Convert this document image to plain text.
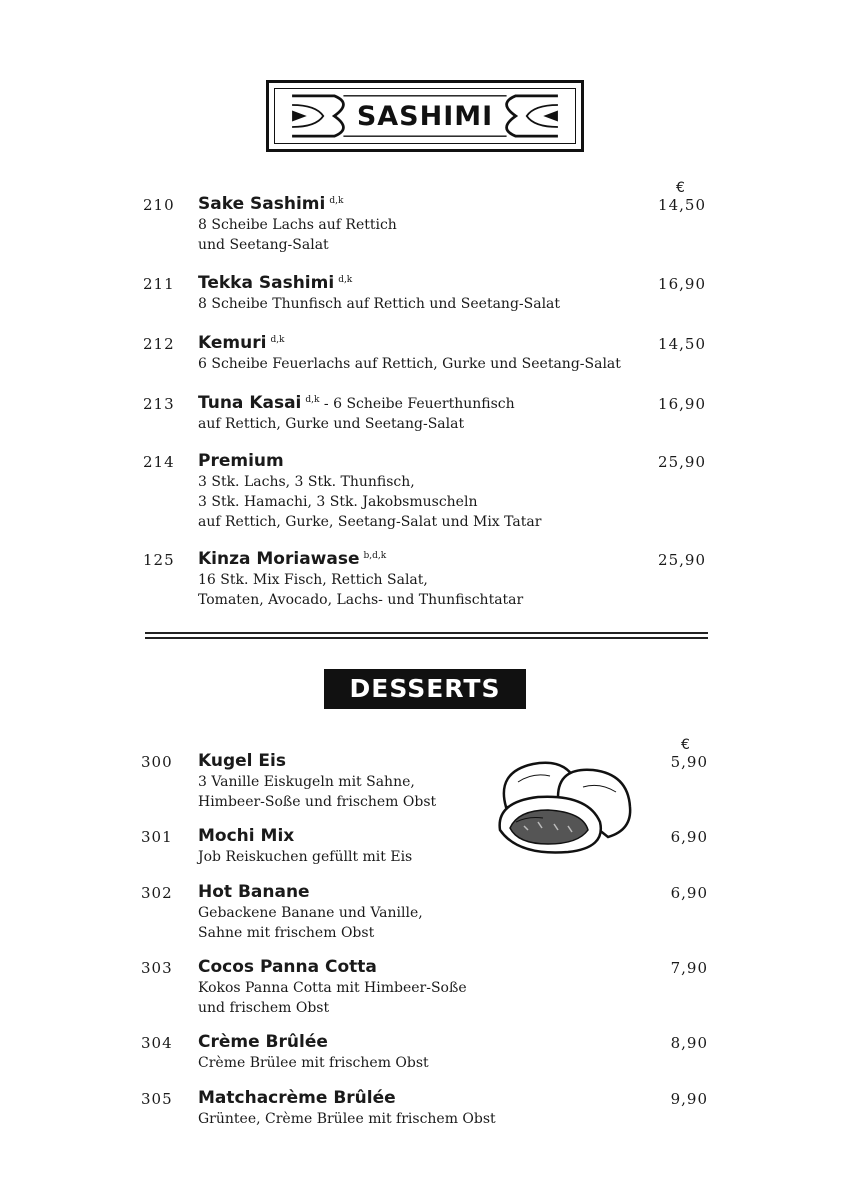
SASHIMI
€
210 Sake Sashimi $^{d,k}$
8 Scheibe Lachs auf Rettich
und Seetang-Salat
14,50
211 Tekka Sashimi $^{d,k}$
8 Scheibe Thunfisch auf Rettich und Seetang-Salat
16,90
212 Kemuri $^{d,k}$
6 Scheibe Feuerlachs auf Rettich, Gurke und Seetang-Salat
14,50
213 Tuna Kasai $^{d,k}$ - 6 Scheibe Feuerthunfisch
auf Rettich, Gurke und Seetang-Salat
16,90
214 Premium
3 Stk. Lachs, 3 Stk. Thunfisch,
3 Stk. Hamachi, 3 Stk. Jakobsmuscheln
auf Rettich, Gurke, Seetang-Salat und Mix Tatar
25,90
125 Kinza Moriawase $^{b,d,k}$
16 Stk. Mix Fisch, Rettich Salat,
Tomaten, Avocado, Lachs- und Thunfischtatar
25,90
DESSERTS
€
300 Kugel Eis
3 Vanille Eiskugeln mit Sahne,
Himbeer-Soße und frischem Obst
5,90
301 Mochi Mix
Job Reiskuchen gefüllt mit Eis
6,90
302 Hot Banane
Gebackene Banane und Vanille,
Sahne mit frischem Obst
6,90
303 Cocos Panna Cotta
Kokos Panna Cotta mit Himbeer-Soße
und frischem Obst
7,90
304 Crème Brûlée
Crème Brülee mit frischem Obst
8,90
305 Matchacrème Brûlée
Grüntee, Crème Brülee mit frischem Obst
9,90
